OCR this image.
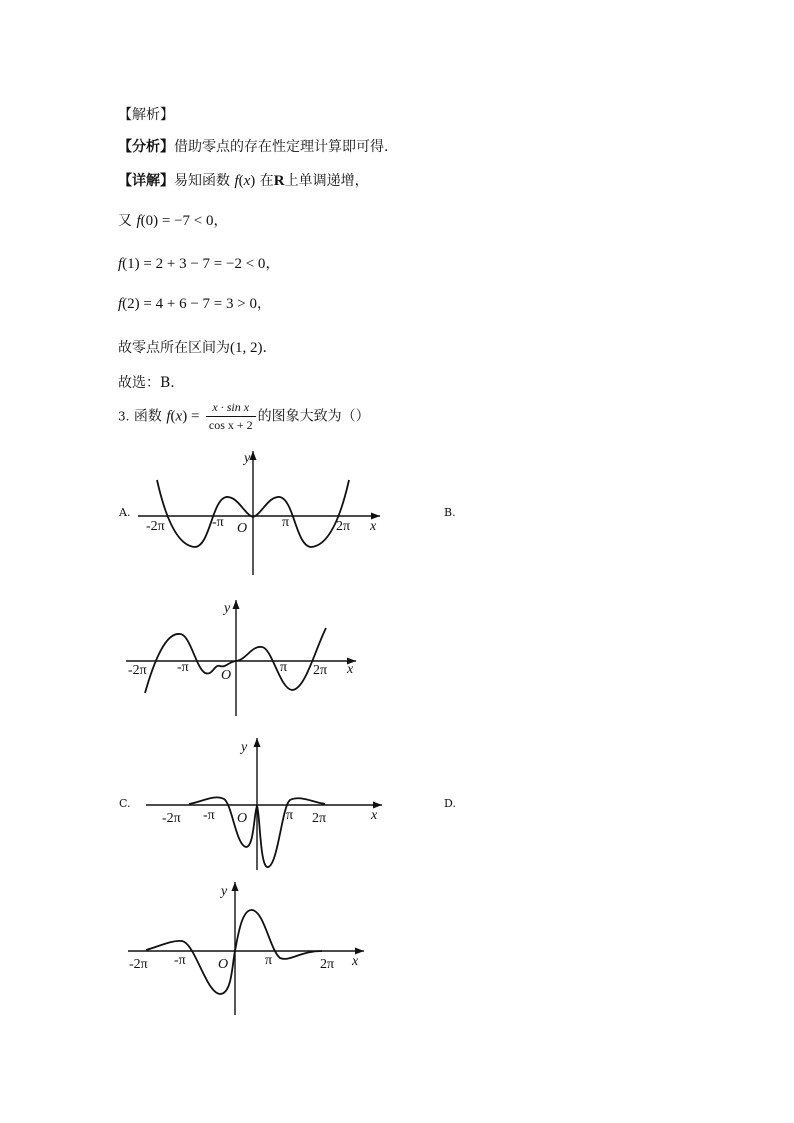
【解析】
【分析】借助零点的存在性定理计算即可得.
【详解】易知函数 f(x) 在R上单调递增，
又 f(0) = −7 < 0，
f(1) = 2 + 3 − 7 = −2 < 0，
f(2) = 4 + 6 − 7 = 3 > 0，
故零点所在区间为(1, 2).
故选：B.
3. 函数 $f(x) = \frac{\text{x · sin x}}{\text{cos x + 2}}$ 的图象大致为（）
A.	B.
C.	D.
y
x
O
-2π	-π	π	2π
y
x
O
-2π -π	π 2π
y
x
O
-2π -π	π 2π
y
x
O
-2π -π	π	2π
